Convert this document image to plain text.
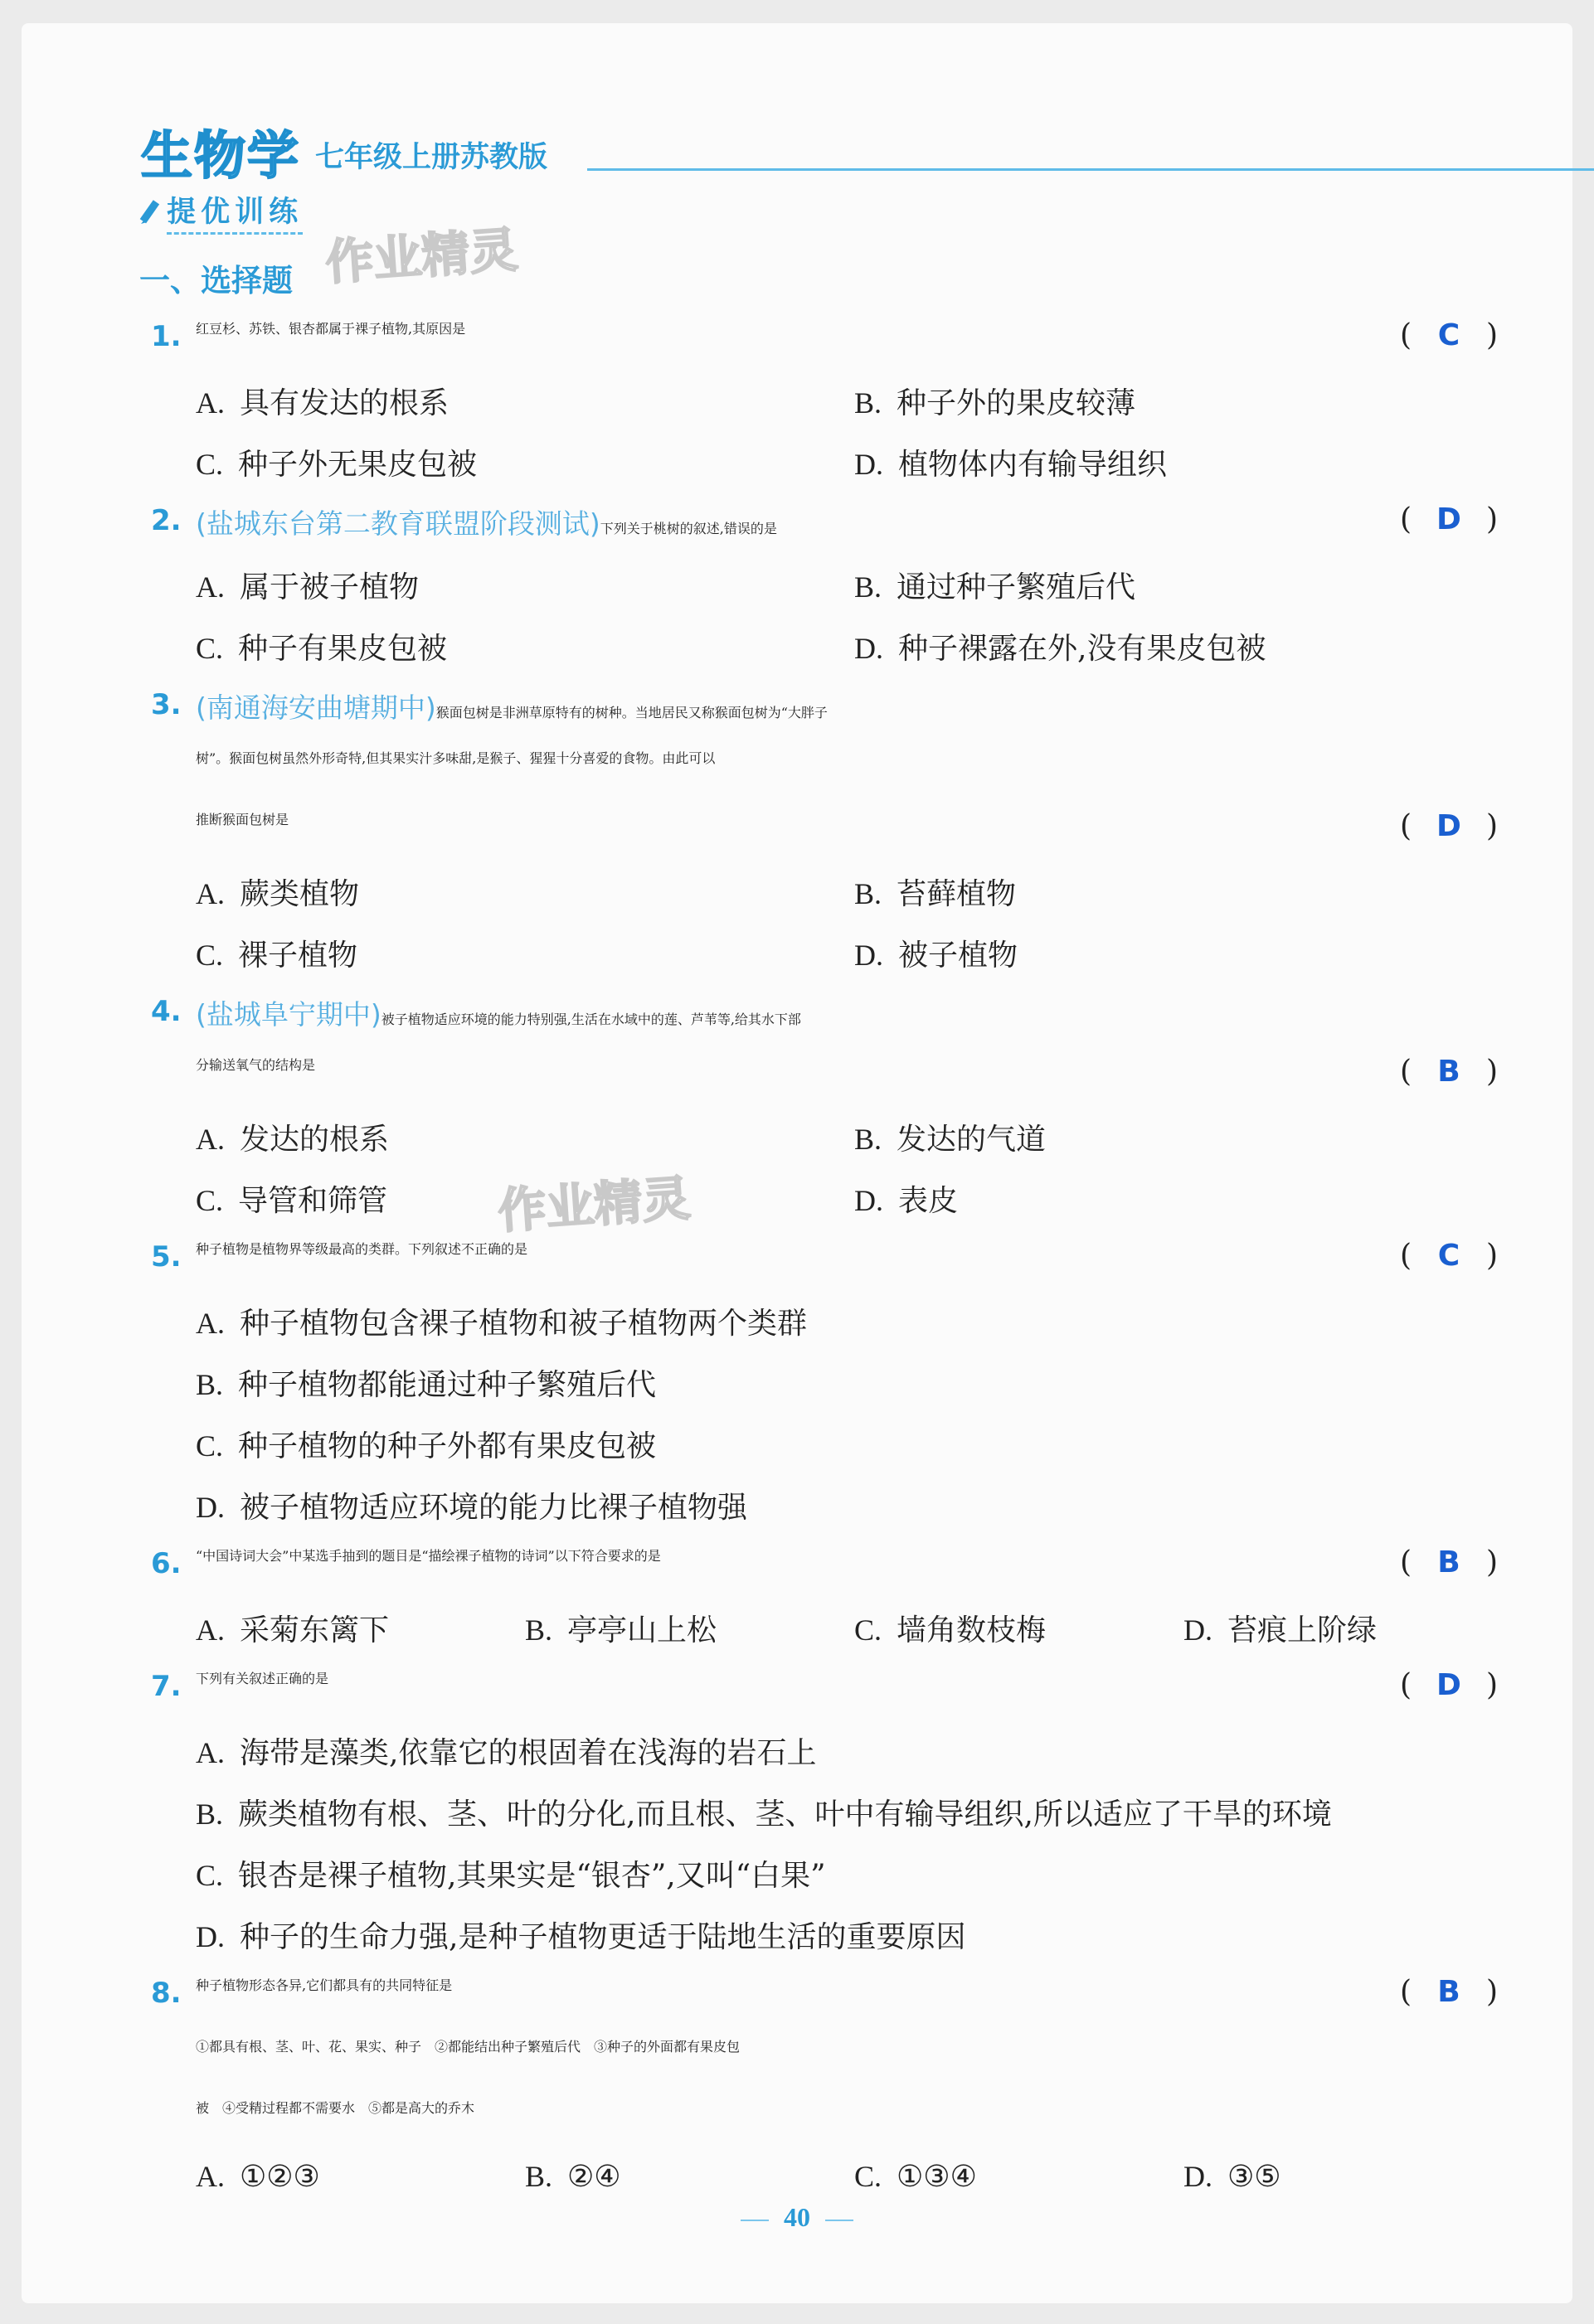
生物学 七年级上册苏教版
提优训练
作业精灵
作业精灵
一、选择题
1. 红豆杉、苏铁、银杏都属于裸子植物,其原因是	( C )
A. 具有发达的根系	B. 种子外的果皮较薄
C. 种子外无果皮包被	D. 植物体内有输导组织
2. (盐城东台第二教育联盟阶段测试)下列关于桃树的叙述,错误的是	( D )
A. 属于被子植物	B. 通过种子繁殖后代
C. 种子有果皮包被	D. 种子裸露在外,没有果皮包被
3. (南通海安曲塘期中)猴面包树是非洲草原特有的树种。当地居民又称猴面包树为“大胖子
树”。猴面包树虽然外形奇特,但其果实汁多味甜,是猴子、猩猩十分喜爱的食物。由此可以
推断猴面包树是	( D )
A. 蕨类植物	B. 苔藓植物
C. 裸子植物	D. 被子植物
4. (盐城阜宁期中)被子植物适应环境的能力特别强,生活在水域中的莲、芦苇等,给其水下部
分输送氧气的结构是	( B )
A. 发达的根系	B. 发达的气道
C. 导管和筛管	D. 表皮
5. 种子植物是植物界等级最高的类群。下列叙述不正确的是	( C )
A. 种子植物包含裸子植物和被子植物两个类群
B. 种子植物都能通过种子繁殖后代
C. 种子植物的种子外都有果皮包被
D. 被子植物适应环境的能力比裸子植物强
6. “中国诗词大会”中某选手抽到的题目是“描绘裸子植物的诗词”以下符合要求的是	( B )
A. 采菊东篱下	B. 亭亭山上松	C. 墙角数枝梅	D. 苔痕上阶绿
7. 下列有关叙述正确的是	( D )
A. 海带是藻类,依靠它的根固着在浅海的岩石上
B. 蕨类植物有根、茎、叶的分化,而且根、茎、叶中有输导组织,所以适应了干旱的环境
C. 银杏是裸子植物,其果实是“银杏”,又叫“白果”
D. 种子的生命力强,是种子植物更适于陆地生活的重要原因
8. 种子植物形态各异,它们都具有的共同特征是	( B )
①都具有根、茎、叶、花、果实、种子　②都能结出种子繁殖后代　③种子的外面都有果皮包
被　④受精过程都不需要水　⑤都是高大的乔木
A. ①②③	B. ②④	C. ①③④	D. ③⑤
40
